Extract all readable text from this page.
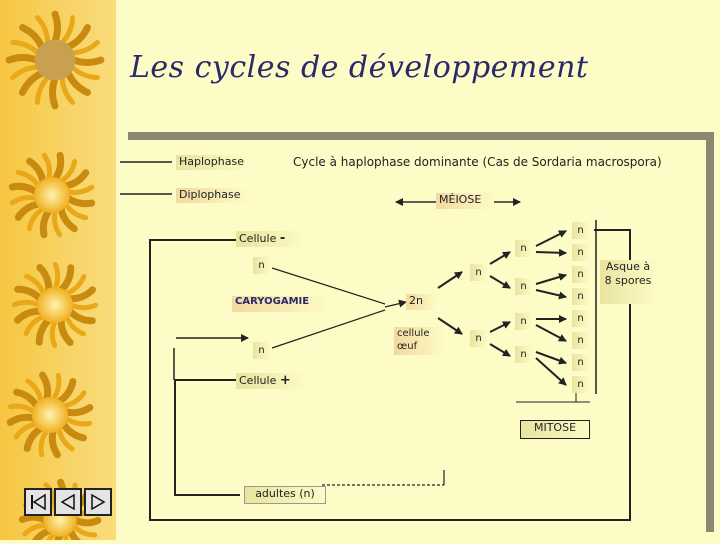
Les cycles de développement
Haplophase
Diplophase
Cycle à haplophase dominante (Cas de Sordaria macrospora)
MÉIOSE
Cellule -
Cellule +
n
n
CARYOGAMIE	2n
cellule œuf
n
n
n
n
n
n
n
n
n
n
n
n
n
n
Asque à 8 spores
MITOSE
adultes (n)
